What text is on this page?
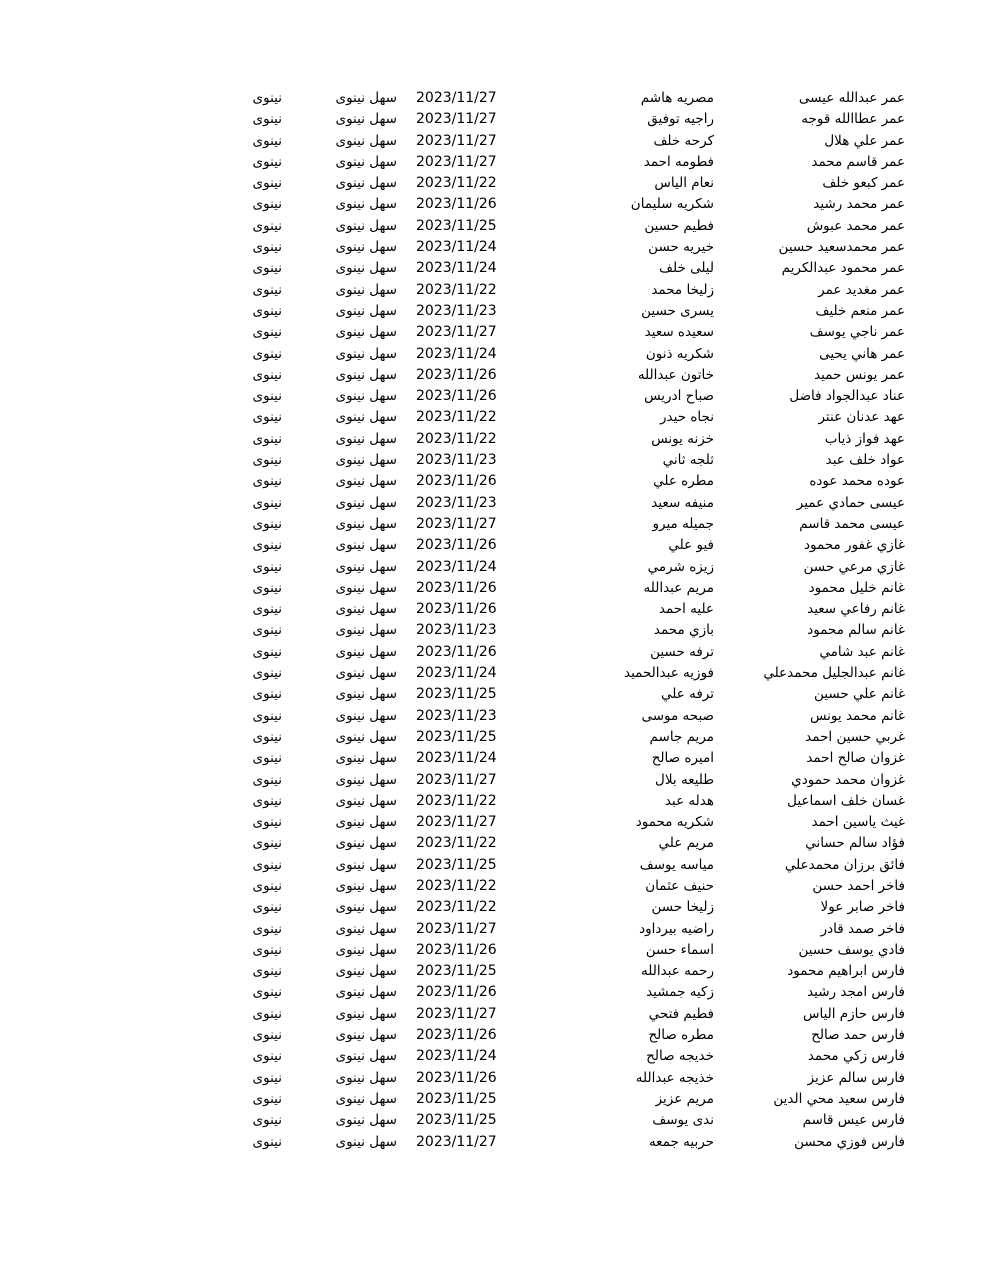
عمر عبدالله عيسى
مصريه هاشم
2023/11/27
سهل نينوى
نينوى
عمر عطاالله قوجه
راجيه توفيق
2023/11/27
سهل نينوى
نينوى
عمر علي هلال
كرحه خلف
2023/11/27
سهل نينوى
نينوى
عمر قاسم محمد
فطومه احمد
2023/11/27
سهل نينوى
نينوى
عمر كبعو خلف
نعام الياس
2023/11/22
سهل نينوى
نينوى
عمر محمد رشيد
شكريه سليمان
2023/11/26
سهل نينوى
نينوى
عمر محمد عبوش
فطيم حسين
2023/11/25
سهل نينوى
نينوى
عمر محمدسعيد حسين
خيريه حسن
2023/11/24
سهل نينوى
نينوى
عمر محمود عبدالكريم
ليلى خلف
2023/11/24
سهل نينوى
نينوى
عمر مغديد عمر
زليخا محمد
2023/11/22
سهل نينوى
نينوى
عمر منعم خليف
يسرى حسين
2023/11/23
سهل نينوى
نينوى
عمر ناجي يوسف
سعيده سعيد
2023/11/27
سهل نينوى
نينوى
عمر هاني يحيى
شكريه ذنون
2023/11/24
سهل نينوى
نينوى
عمر يونس حميد
خاتون عبدالله
2023/11/26
سهل نينوى
نينوى
عناد عبدالجواد فاضل
صباح ادريس
2023/11/26
سهل نينوى
نينوى
عهد عدنان عنتر
نجاه حيدر
2023/11/22
سهل نينوى
نينوى
عهد فواز ذياب
خزنه يونس
2023/11/22
سهل نينوى
نينوى
عواد خلف عبد
ثلجه ثاني
2023/11/23
سهل نينوى
نينوى
عوده محمد عوده
مطره علي
2023/11/26
سهل نينوى
نينوى
عيسى حمادي عمير
منيفه سعيد
2023/11/23
سهل نينوى
نينوى
عيسى محمد قاسم
جميله ميرو
2023/11/27
سهل نينوى
نينوى
غازي غفور محمود
فيو علي
2023/11/26
سهل نينوى
نينوى
غازي مرعي حسن
زيزه شرمي
2023/11/24
سهل نينوى
نينوى
غانم خليل محمود
مريم عبدالله
2023/11/26
سهل نينوى
نينوى
غانم رفاعي سعيد
عليه احمد
2023/11/26
سهل نينوى
نينوى
غانم سالم محمود
بازي محمد
2023/11/23
سهل نينوى
نينوى
غانم عبد شامي
ترفه حسين
2023/11/26
سهل نينوى
نينوى
غانم عبدالجليل محمدعلي
فوزيه عبدالحميد
2023/11/24
سهل نينوى
نينوى
غانم علي حسين
ترفه علي
2023/11/25
سهل نينوى
نينوى
غانم محمد يونس
صبحه موسى
2023/11/23
سهل نينوى
نينوى
غربي حسين احمد
مريم جاسم
2023/11/25
سهل نينوى
نينوى
غزوان صالح احمد
اميره صالح
2023/11/24
سهل نينوى
نينوى
غزوان محمد حمودي
طليعه بلال
2023/11/27
سهل نينوى
نينوى
غسان خلف اسماعيل
هدله عبد
2023/11/22
سهل نينوى
نينوى
غيث ياسين احمد
شكريه محمود
2023/11/27
سهل نينوى
نينوى
فؤاد سالم حساني
مريم علي
2023/11/22
سهل نينوى
نينوى
فائق برزان محمدعلي
مياسه يوسف
2023/11/25
سهل نينوى
نينوى
فاخر احمد حسن
حنيف عثمان
2023/11/22
سهل نينوى
نينوى
فاخر صابر عولا
زليخا حسن
2023/11/22
سهل نينوى
نينوى
فاخر صمد قادر
راضيه بيرداود
2023/11/27
سهل نينوى
نينوى
فادي يوسف حسين
اسماء حسن
2023/11/26
سهل نينوى
نينوى
فارس ابراهيم محمود
رحمه عبدالله
2023/11/25
سهل نينوى
نينوى
فارس امجد رشيد
زكيه جمشيد
2023/11/26
سهل نينوى
نينوى
فارس حازم الياس
فطيم فتحي
2023/11/27
سهل نينوى
نينوى
فارس حمد صالح
مطره صالح
2023/11/26
سهل نينوى
نينوى
فارس زكي محمد
خديجه صالح
2023/11/24
سهل نينوى
نينوى
فارس سالم عزيز
خذيجه عبدالله
2023/11/26
سهل نينوى
نينوى
فارس سعيد محي الدين
مريم عزيز
2023/11/25
سهل نينوى
نينوى
فارس عيس قاسم
ندى يوسف
2023/11/25
سهل نينوى
نينوى
فارس فوزي محسن
حربيه جمعه
2023/11/27
سهل نينوى
نينوى
